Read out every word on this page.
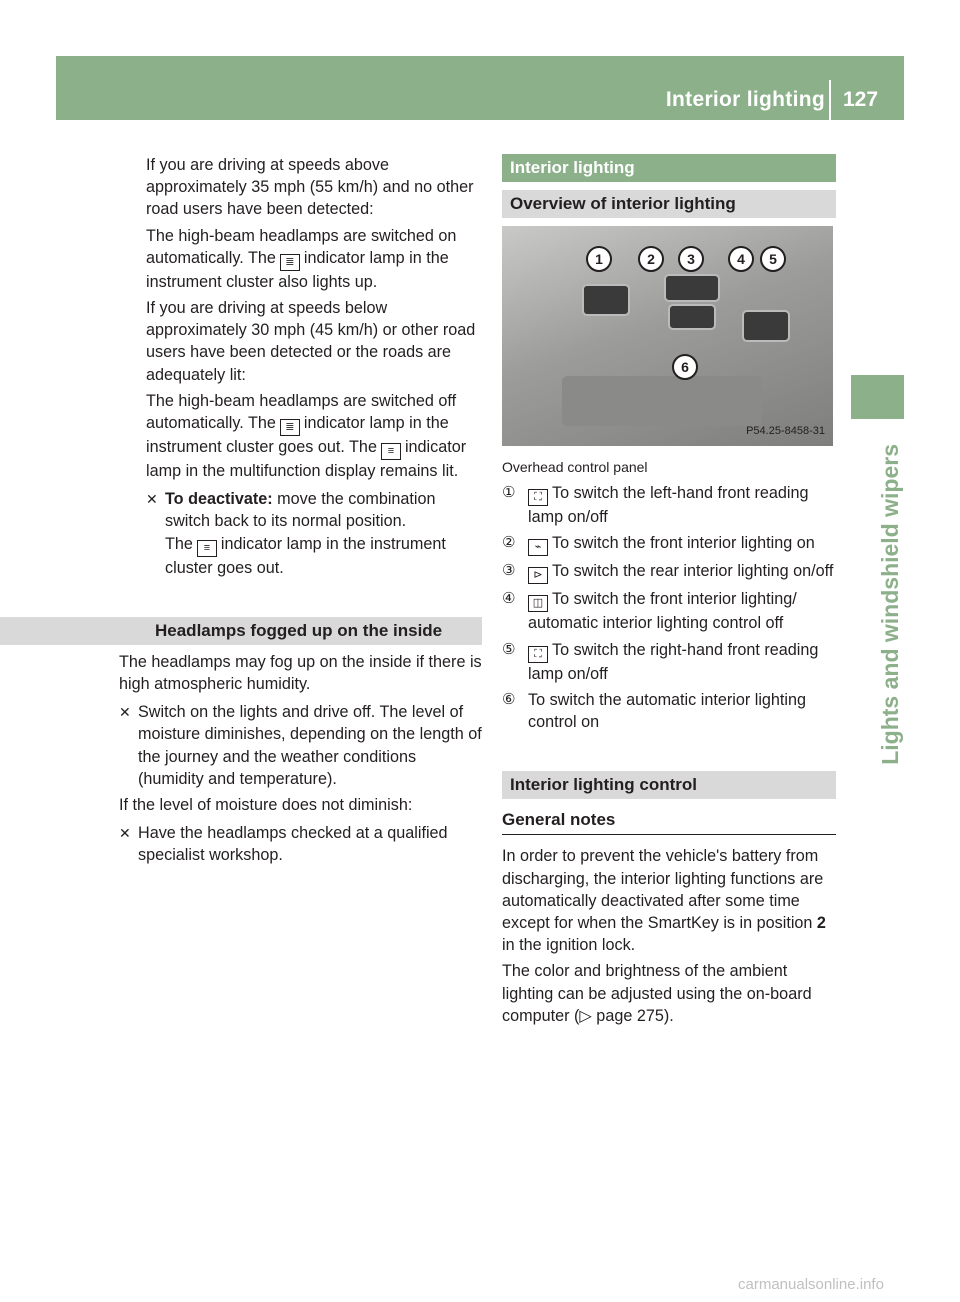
Interior lighting 127
Lights and windshield wipers

If you are driving at speeds above approximately 35 mph (55 km/h) and no other road users have been detected:

The high-beam headlamps are switched on automatically. The ≣ indicator lamp in the instrument cluster also lights up.

If you are driving at speeds below approximately 30 mph (45 km/h) or other road users have been detected or the roads are adequately lit:

The high-beam headlamps are switched off automatically. The ≣ indicator lamp in the instrument cluster goes out. The ≡ indicator lamp in the multifunction display remains lit.

✕ To deactivate: move the combination switch back to its normal position.

The ≡ indicator lamp in the instrument cluster goes out.

Headlamps fogged up on the inside

The headlamps may fog up on the inside if there is high atmospheric humidity.

✕ Switch on the lights and drive off. The level of moisture diminishes, depending on the length of the journey and the weather conditions (humidity and temperature).

If the level of moisture does not diminish:

✕ Have the headlamps checked at a qualified specialist workshop.

Interior lighting
Overview of interior lighting
1	2	3	4	5
6
P54.25-8458-31

Overhead control panel

①	⛶ To switch the left-hand front reading lamp on/off
②	⌁ To switch the front interior lighting on
③	⊳ To switch the rear interior lighting on/off
④	◫ To switch the front interior lighting/ automatic interior lighting control off
⑤	⛶ To switch the right-hand front reading lamp on/off
⑥ To switch the automatic interior lighting control on
Interior lighting control
General notes

In order to prevent the vehicle's battery from discharging, the interior lighting functions are automatically deactivated after some time except for when the SmartKey is in position 2 in the ignition lock.

The color and brightness of the ambient lighting can be adjusted using the on-board computer (▷ page 275).

carmanualsonline.info
